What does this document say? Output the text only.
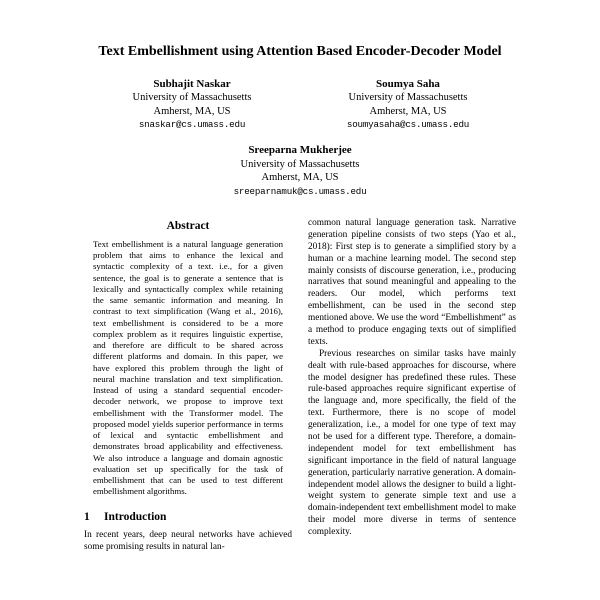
Text Embellishment using Attention Based Encoder-Decoder Model
Subhajit Naskar
University of Massachusetts
Amherst, MA, US
snaskar@cs.umass.edu
Soumya Saha
University of Massachusetts
Amherst, MA, US
soumyasaha@cs.umass.edu
Sreeparna Mukherjee
University of Massachusetts
Amherst, MA, US
sreeparnamuk@cs.umass.edu
Abstract

Text embellishment is a natural language generation problem that aims to enhance the lexical and syntactic complexity of a text. i.e., for a given sentence, the goal is to generate a sentence that is lexically and syntactically complex while retaining the same semantic information and meaning. In contrast to text simplification (Wang et al., 2016), text embellishment is considered to be a more complex problem as it requires linguistic expertise, and therefore are difficult to be shared across different platforms and domain. In this paper, we have explored this problem through the light of neural machine translation and text simplification. Instead of using a standard sequential encoder-decoder network, we propose to improve text embellishment with the Transformer model. The proposed model yields superior performance in terms of lexical and syntactic embellishment and demonstrates broad applicability and effectiveness. We also introduce a language and domain agnostic evaluation set up specifically for the task of embellishment that can be used to test different embellishment algorithms.

1 Introduction

In recent years, deep neural networks have achieved some promising results in natural lan-

common natural language generation task. Narrative generation pipeline consists of two steps (Yao et al., 2018): First step is to generate a simplified story by a human or a machine learning model. The second step mainly consists of discourse generation, i.e., producing narratives that sound meaningful and appealing to the readers. Our model, which performs text embellishment, can be used in the second step mentioned above. We use the word “Embellishment” as a method to produce engaging texts out of simplified texts.

Previous researches on similar tasks have mainly dealt with rule-based approaches for discourse, where the model designer has predefined these rules. These rule-based approaches require significant expertise of the language and, more specifically, the field of the text. Furthermore, there is no scope of model generalization, i.e., a model for one type of text may not be used for a different type. Therefore, a domain-independent model for text embellishment has significant importance in the field of natural language generation, particularly narrative generation. A domain-independent model allows the designer to build a light-weight system to generate simple text and use a domain-independent text embellishment model to make their model more diverse in terms of sentence complexity.
